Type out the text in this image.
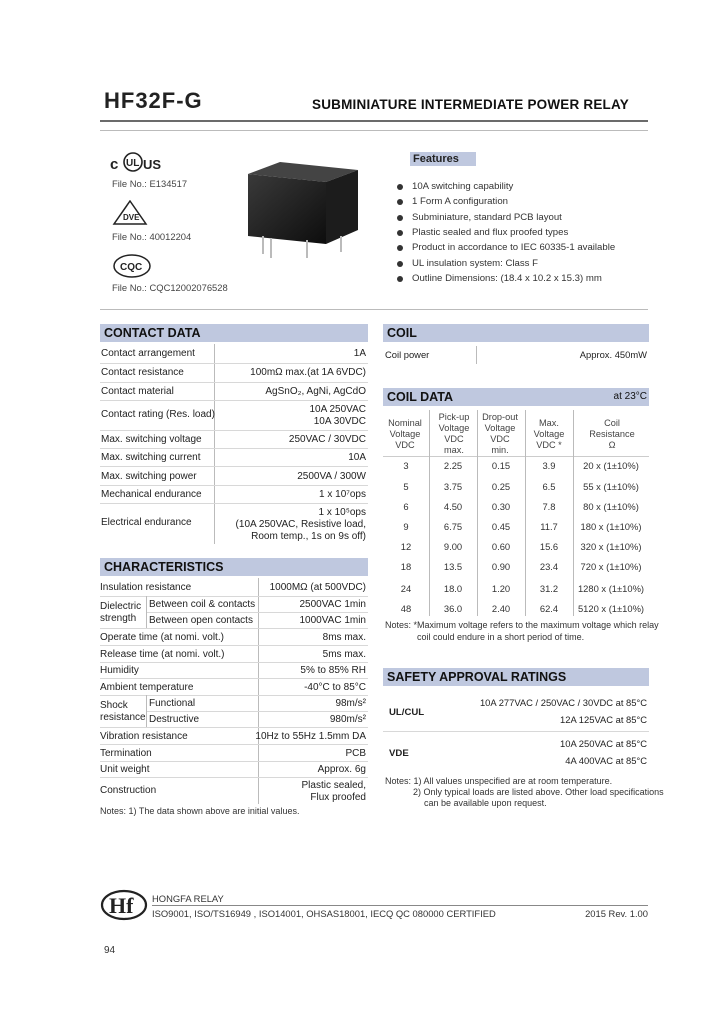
HF32F-G	SUBMINIATURE INTERMEDIATE POWER RELAY
c UL US
File No.: E134517
DVE
File No.: 40012204
CQC
File No.: CQC12002076528
Features
10A switching capability
1 Form A configuration
Subminiature, standard PCB layout
Plastic sealed and flux proofed types
Product in accordance to IEC 60335-1 available
UL insulation system: Class F
Outline Dimensions: (18.4 x 10.2 x 15.3) mm
CONTACT DATA
Contact arrangement	1A
Contact resistance	100mΩ max.(at 1A 6VDC)
Contact material	AgSnO₂, AgNi, AgCdO
Contact rating (Res. load)	10A 250VAC
10A 30VDC
Max. switching voltage	250VAC / 30VDC
Max. switching current	10A
Max. switching power	2500VA / 300W
Mechanical endurance	1 x 10⁷ops
Electrical endurance
1 x 10⁵ops
(10A 250VAC, Resistive load,
Room temp., 1s on 9s off)
CHARACTERISTICS
Insulation resistance	1000MΩ (at 500VDC)
Dielectric
strength
Between coil & contacts	2500VAC 1min
Between open contacts	1000VAC 1min
Operate time (at nomi. volt.)	8ms max.
Release time (at nomi. volt.)	5ms max.
Humidity	5% to 85% RH
Ambient temperature	-40°C to 85°C
Shock
resistance
Functional	98m/s²
Destructive	980m/s²
Vibration resistance	10Hz to 55Hz 1.5mm DA
Termination	PCB
Unit weight	Approx. 6g
Construction	Plastic sealed,
Flux proofed
Notes: 1) The data shown above are initial values.
COIL
Coil power	Approx. 450mW
COIL DATA	at 23°C
Nominal
Voltage
VDC
Pick-up
Voltage
VDC
max.
Drop-out
Voltage
VDC
min.
Max.
Voltage
VDC *
Coil
Resistance
Ω
3	2.25	0.15	3.9	20 x (1±10%)
5	3.75	0.25	6.5	55 x (1±10%)
6	4.50	0.30	7.8	80 x (1±10%)
9	6.75	0.45	11.7	180 x (1±10%)
12	9.00	0.60	15.6	320 x (1±10%)
18	13.5	0.90	23.4	720 x (1±10%)
24	18.0	1.20	31.2	1280 x (1±10%)
48	36.0	2.40	62.4	5120 x (1±10%)
Notes: *Maximum voltage refers to the maximum voltage which relay
coil could endure in a short period of time.
SAFETY APPROVAL RATINGS
UL/CUL
10A 277VAC / 250VAC / 30VDC at 85°C
12A 125VAC at 85°C
VDE
10A 250VAC at 85°C
4A 400VAC at 85°C
Notes: 1) All values unspecified are at room temperature.
2) Only typical loads are listed above. Other load specifications
can be available upon request.
Hf HONGFA RELAY
ISO9001, ISO/TS16949 , ISO14001, OHSAS18001, IECQ QC 080000 CERTIFIED	2015 Rev. 1.00
94
